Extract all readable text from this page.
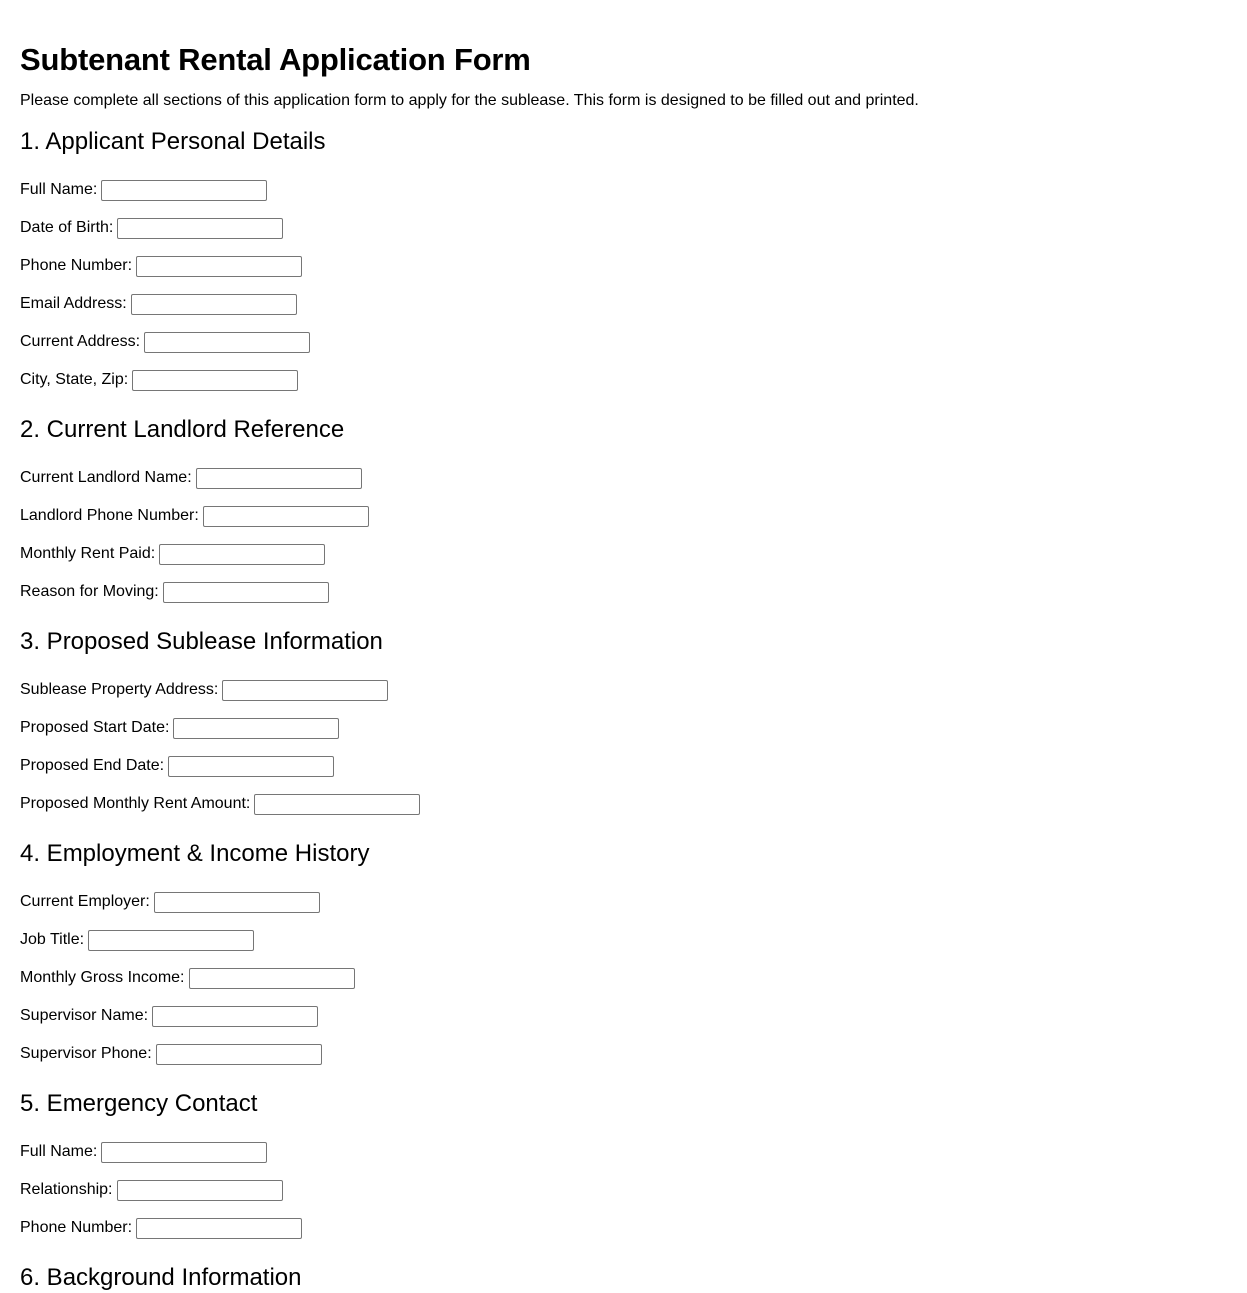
Subtenant Rental Application Form

Please complete all sections of this application form to apply for the sublease. This form is designed to be filled out and printed.

1. Applicant Personal Details
Full Name:
Date of Birth:
Phone Number:
Email Address:
Current Address:
City, State, Zip:
2. Current Landlord Reference
Current Landlord Name:
Landlord Phone Number:
Monthly Rent Paid:
Reason for Moving:
3. Proposed Sublease Information
Sublease Property Address:
Proposed Start Date:
Proposed End Date:
Proposed Monthly Rent Amount:
4. Employment & Income History
Current Employer:
Job Title:
Monthly Gross Income:
Supervisor Name:
Supervisor Phone:
5. Emergency Contact
Full Name:
Relationship:
Phone Number:
6. Background Information
